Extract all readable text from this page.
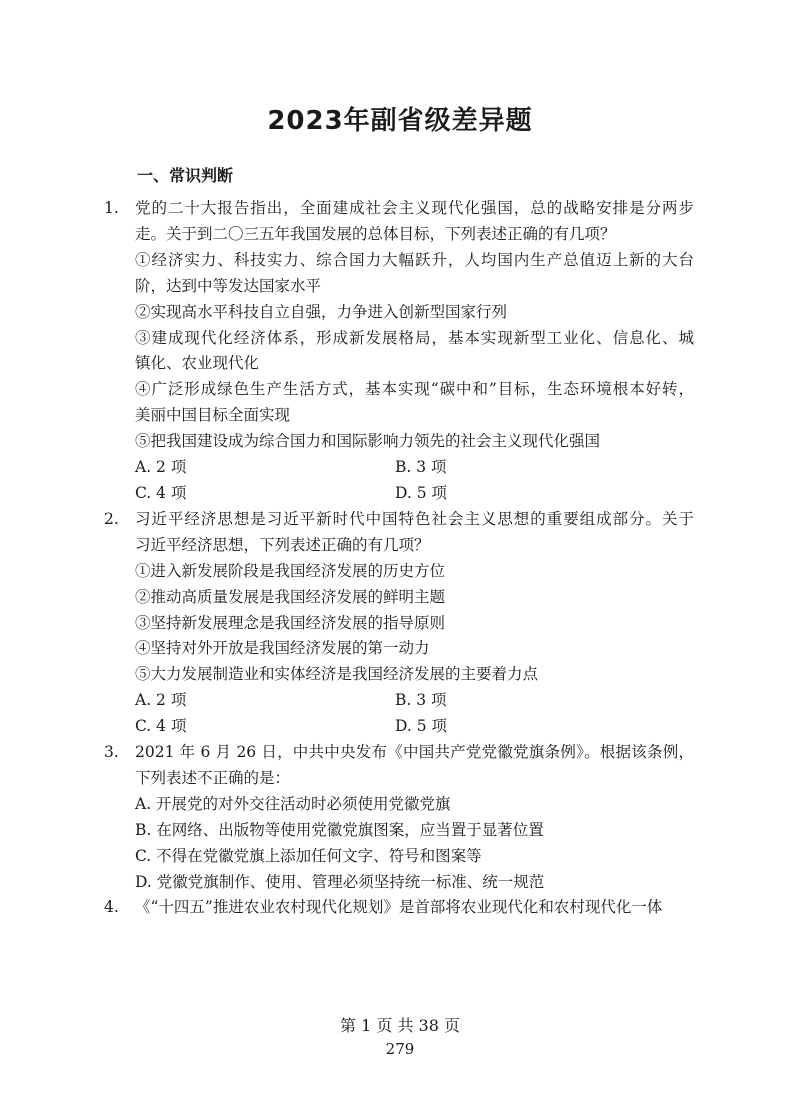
2023年副省级差异题
一、常识判断
1. 党的二十大报告指出，全面建成社会主义现代化强国，总的战略安排是分两步
走。关于到二〇三五年我国发展的总体目标，下列表述正确的有几项？
①经济实力、科技实力、综合国力大幅跃升，人均国内生产总值迈上新的大台
阶，达到中等发达国家水平
②实现高水平科技自立自强，力争进入创新型国家行列
③建成现代化经济体系，形成新发展格局，基本实现新型工业化、信息化、城
镇化、农业现代化
④广泛形成绿色生产生活方式，基本实现“碳中和”目标，生态环境根本好转，
美丽中国目标全面实现
⑤把我国建设成为综合国力和国际影响力领先的社会主义现代化强国
A. 2 项	B. 3 项
C. 4 项	D. 5 项
2. 习近平经济思想是习近平新时代中国特色社会主义思想的重要组成部分。关于
习近平经济思想，下列表述正确的有几项？
①进入新发展阶段是我国经济发展的历史方位
②推动高质量发展是我国经济发展的鲜明主题
③坚持新发展理念是我国经济发展的指导原则
④坚持对外开放是我国经济发展的第一动力
⑤大力发展制造业和实体经济是我国经济发展的主要着力点
A. 2 项	B. 3 项
C. 4 项	D. 5 项
3. 2021 年 6 月 26 日，中共中央发布《中国共产党党徽党旗条例》。根据该条例，
下列表述不正确的是：
A. 开展党的对外交往活动时必须使用党徽党旗
B. 在网络、出版物等使用党徽党旗图案，应当置于显著位置
C. 不得在党徽党旗上添加任何文字、符号和图案等
D. 党徽党旗制作、使用、管理必须坚持统一标准、统一规范
4. 《“十四五”推进农业农村现代化规划》是首部将农业现代化和农村现代化一体
第 1 页 共 38 页
279
